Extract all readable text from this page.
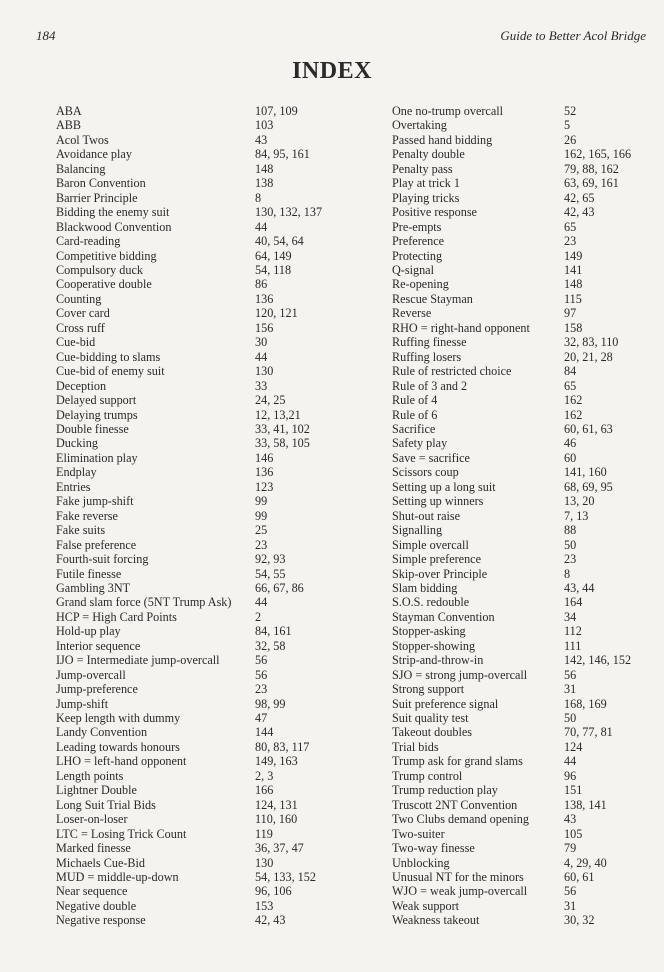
184	Guide to Better Acol Bridge
INDEX
ABA	107, 109
ABB	103
Acol Twos	43
Avoidance play	84, 95, 161
Balancing	148
Baron Convention	138
Barrier Principle	8
Bidding the enemy suit	130, 132, 137
Blackwood Convention	44
Card-reading	40, 54, 64
Competitive bidding	64, 149
Compulsory duck	54, 118
Cooperative double	86
Counting	136
Cover card	120, 121
Cross ruff	156
Cue-bid	30
Cue-bidding to slams	44
Cue-bid of enemy suit	130
Deception	33
Delayed support	24, 25
Delaying trumps	12, 13,21
Double finesse	33, 41, 102
Ducking	33, 58, 105
Elimination play	146
Endplay	136
Entries	123
Fake jump-shift	99
Fake reverse	99
Fake suits	25
False preference	23
Fourth-suit forcing	92, 93
Futile finesse	54, 55
Gambling 3NT	66, 67, 86
Grand slam force (5NT Trump Ask)	44
HCP = High Card Points	2
Hold-up play	84, 161
Interior sequence	32, 58
IJO = Intermediate jump-overcall	56
Jump-overcall	56
Jump-preference	23
Jump-shift	98, 99
Keep length with dummy	47
Landy Convention	144
Leading towards honours	80, 83, 117
LHO = left-hand opponent	149, 163
Length points	2, 3
Lightner Double	166
Long Suit Trial Bids	124, 131
Loser-on-loser	110, 160
LTC = Losing Trick Count	119
Marked finesse	36, 37, 47
Michaels Cue-Bid	130
MUD = middle-up-down	54, 133, 152
Near sequence	96, 106
Negative double	153
Negative response	42, 43
One no-trump overcall	52
Overtaking	5
Passed hand bidding	26
Penalty double	162, 165, 166
Penalty pass	79, 88, 162
Play at trick 1	63, 69, 161
Playing tricks	42, 65
Positive response	42, 43
Pre-empts	65
Preference	23
Protecting	149
Q-signal	141
Re-opening	148
Rescue Stayman	115
Reverse	97
RHO = right-hand opponent	158
Ruffing finesse	32, 83, 110
Ruffing losers	20, 21, 28
Rule of restricted choice	84
Rule of 3 and 2	65
Rule of 4	162
Rule of 6	162
Sacrifice	60, 61, 63
Safety play	46
Save = sacrifice	60
Scissors coup	141, 160
Setting up a long suit	68, 69, 95
Setting up winners	13, 20
Shut-out raise	7, 13
Signalling	88
Simple overcall	50
Simple preference	23
Skip-over Principle	8
Slam bidding	43, 44
S.O.S. redouble	164
Stayman Convention	34
Stopper-asking	112
Stopper-showing	111
Strip-and-throw-in	142, 146, 152
SJO = strong jump-overcall	56
Strong support	31
Suit preference signal	168, 169
Suit quality test	50
Takeout doubles	70, 77, 81
Trial bids	124
Trump ask for grand slams	44
Trump control	96
Trump reduction play	151
Truscott 2NT Convention	138, 141
Two Clubs demand opening	43
Two-suiter	105
Two-way finesse	79
Unblocking	4, 29, 40
Unusual NT for the minors	60, 61
WJO = weak jump-overcall	56
Weak support	31
Weakness takeout	30, 32
